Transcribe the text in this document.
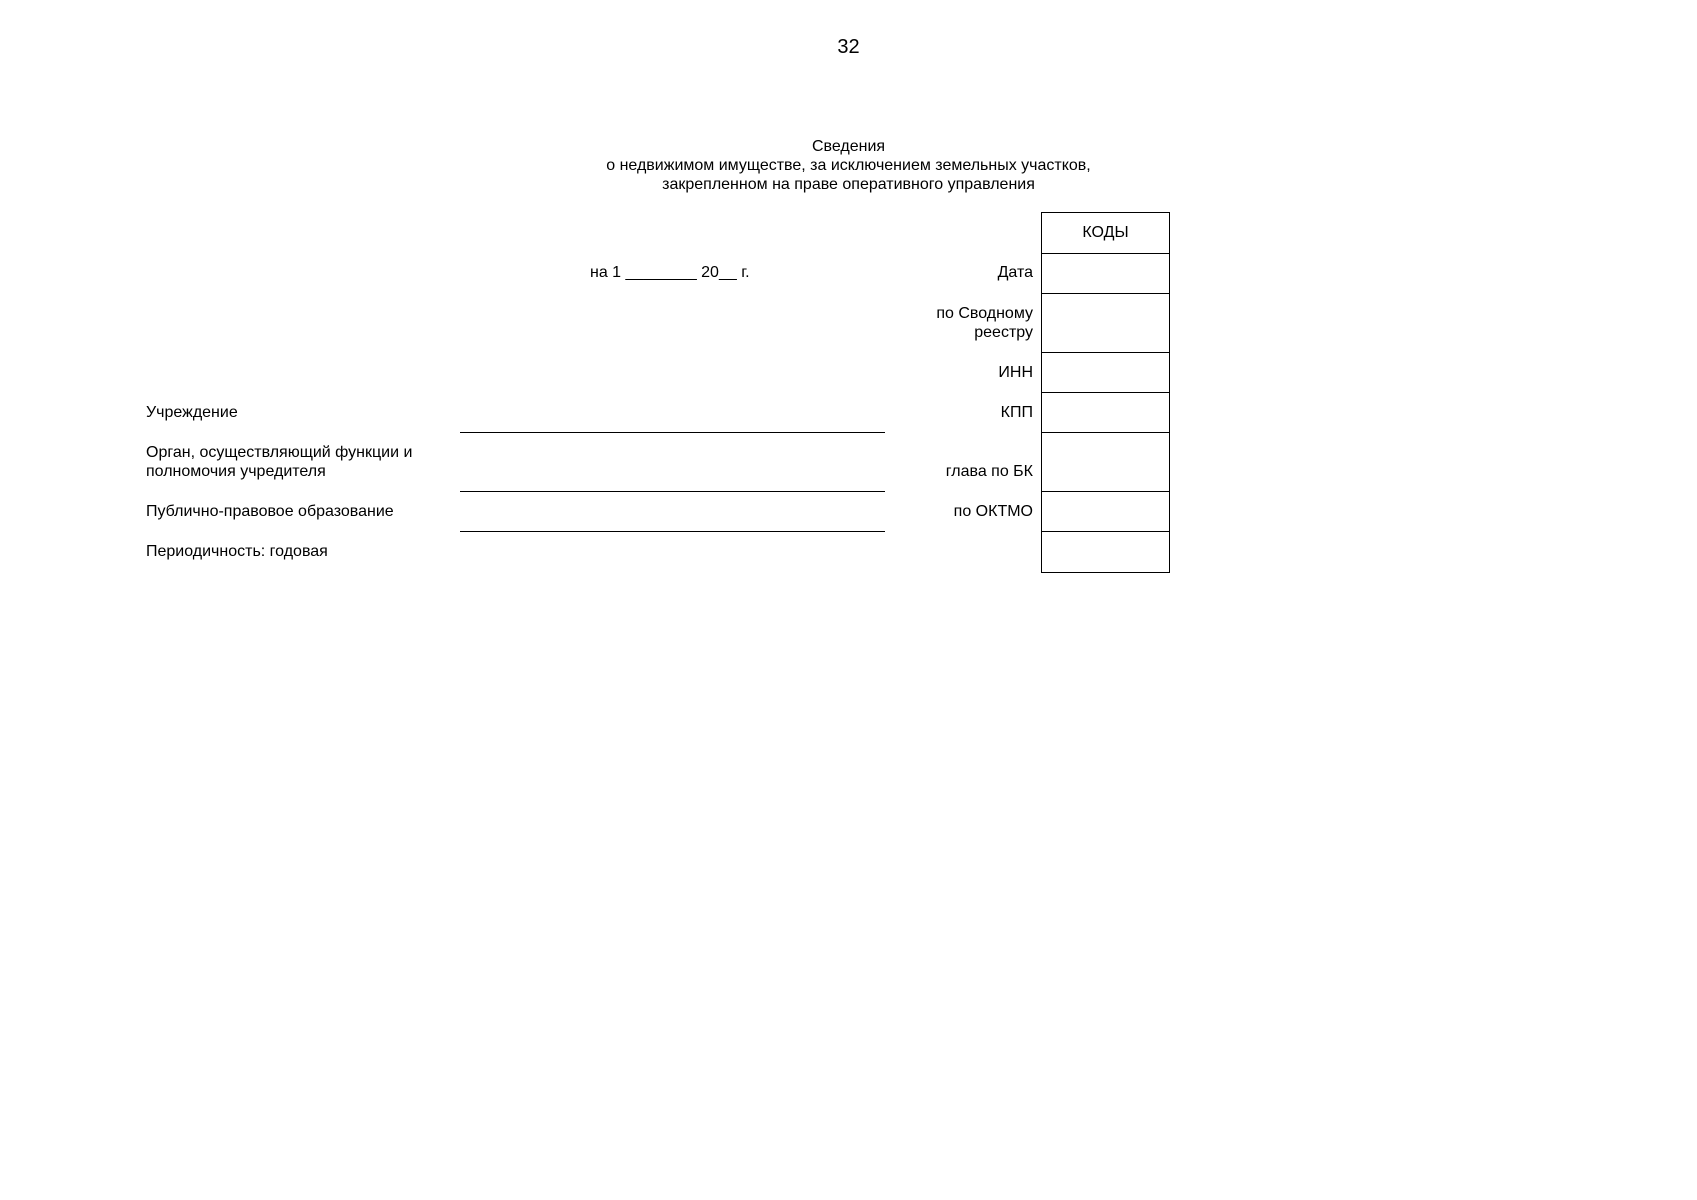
32
Сведения
о недвижимом имуществе, за исключением земельных участков,
закрепленном на праве оперативного управления
на 1 ________ 20__ г.
КОДЫ
Дата
по Сводному
реестру
ИНН
КПП
глава по БК
по ОКТМО
Учреждение
Орган, осуществляющий функции и
полномочия учредителя
Публично-правовое образование
Периодичность: годовая
